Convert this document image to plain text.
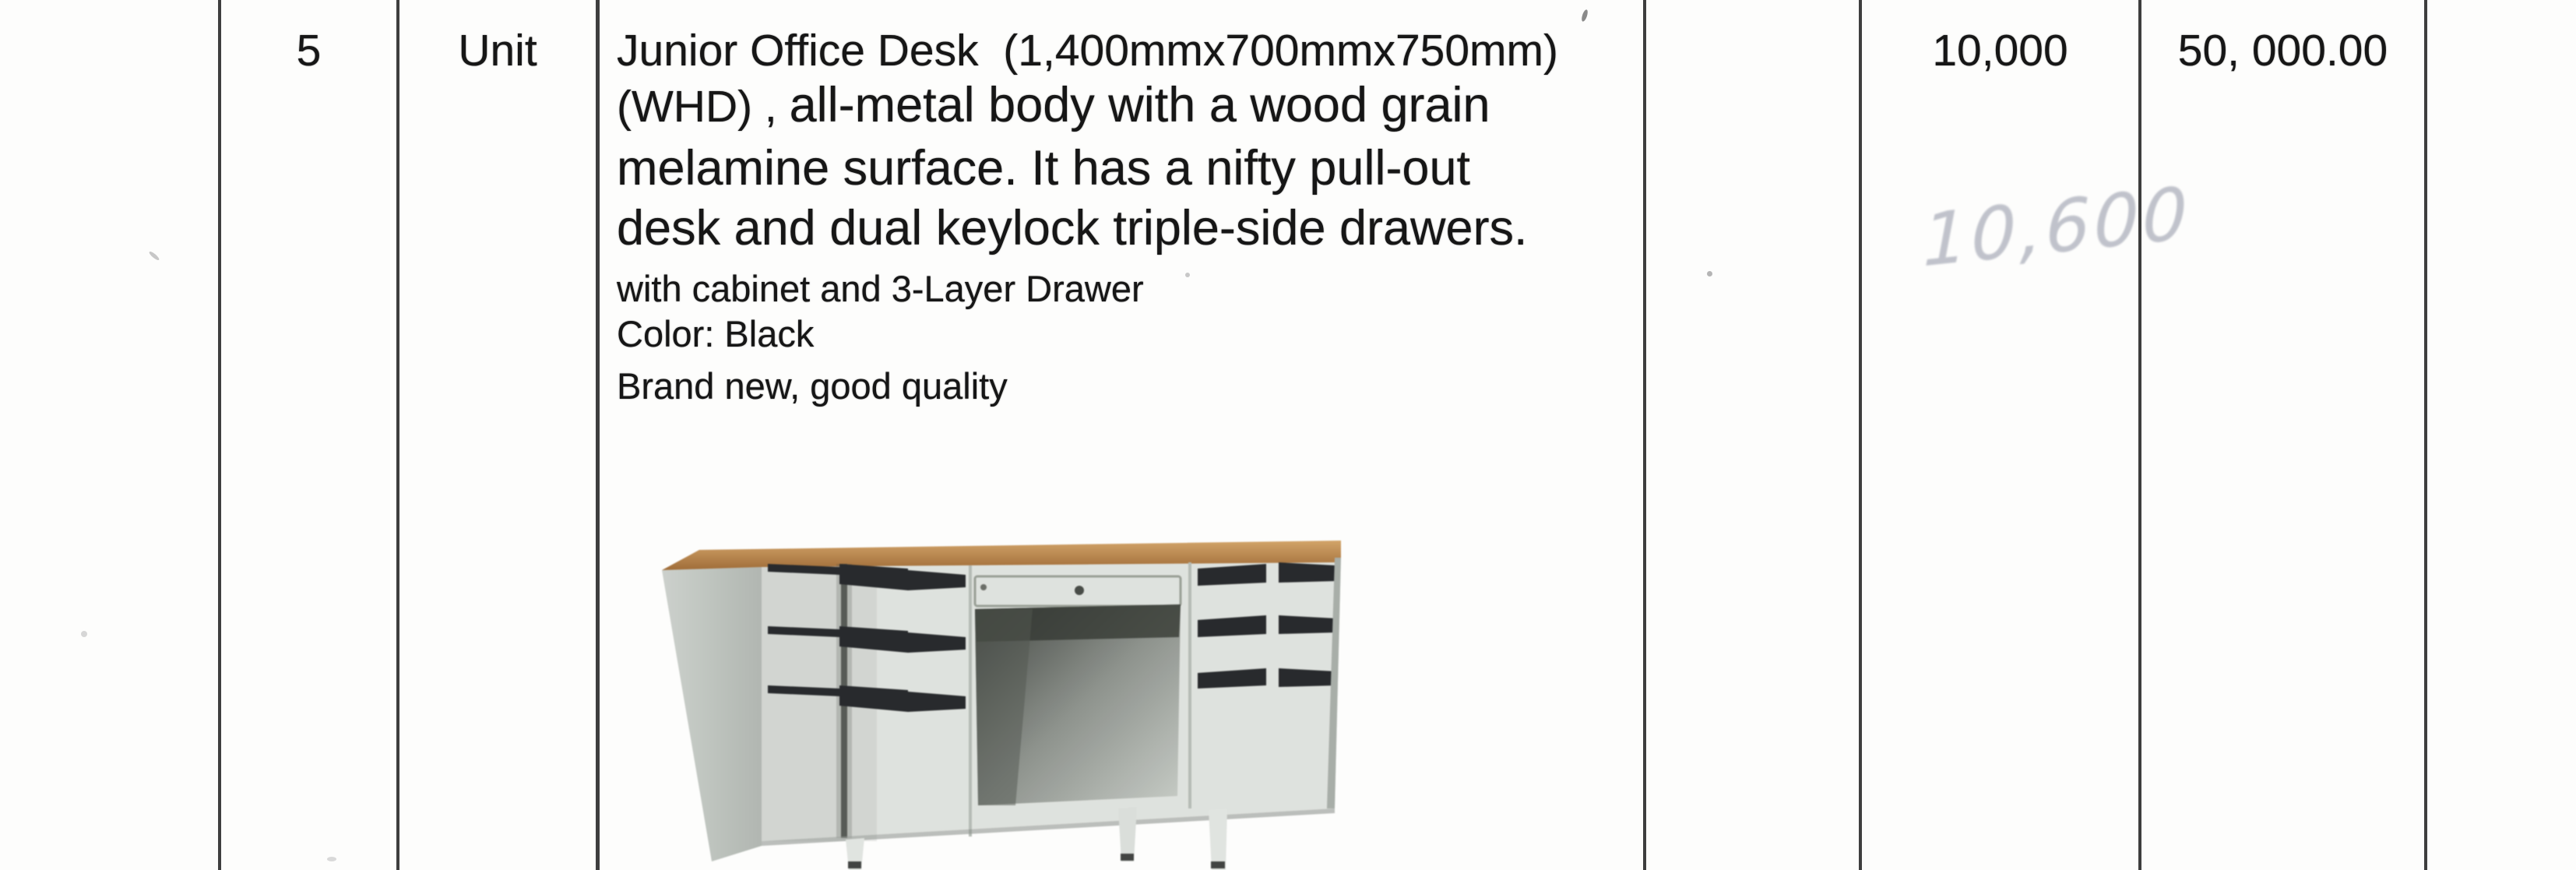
5	Unit	Junior Office Desk  (1,400mmx700mmx750mm)
(WHD) , all-metal body with a wood grain
melamine surface. It has a nifty pull-out
desk and dual keylock triple-side drawers.
with cabinet and 3-Layer Drawer
Color: Black
Brand new, good quality
10,000	50, 000.00
10,600
